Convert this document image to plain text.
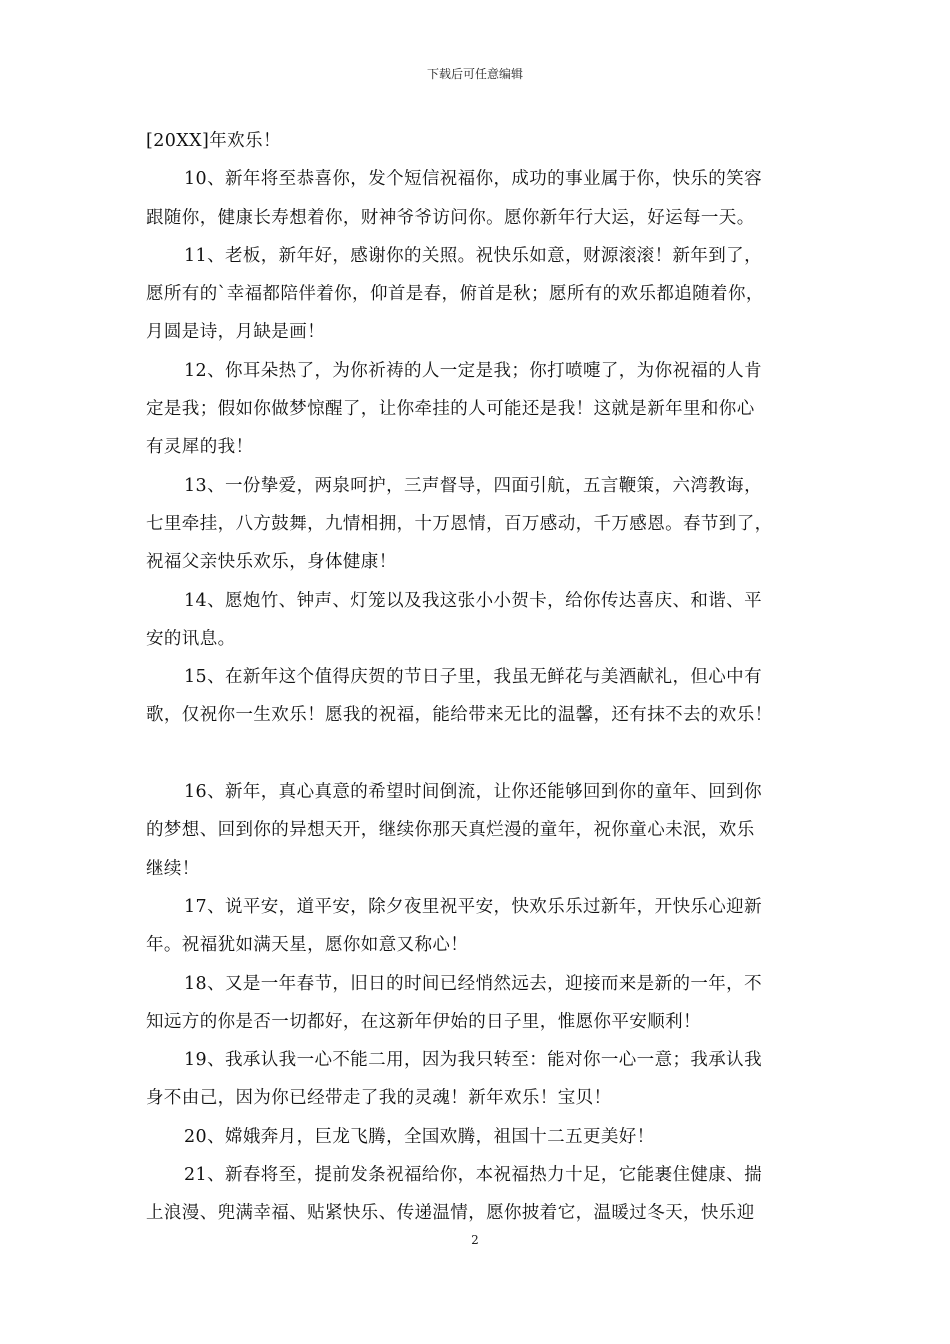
下载后可任意编辑
[20XX]年欢乐！
10、新年将至恭喜你，发个短信祝福你，成功的事业属于你，快乐的笑容
跟随你，健康长寿想着你，财神爷爷访问你。愿你新年行大运，好运每一天。
11、老板，新年好，感谢你的关照。祝快乐如意，财源滚滚！新年到了，
愿所有的`幸福都陪伴着你，仰首是春，俯首是秋；愿所有的欢乐都追随着你，
月圆是诗，月缺是画！
12、你耳朵热了，为你祈祷的人一定是我；你打喷嚏了，为你祝福的人肯
定是我；假如你做梦惊醒了，让你牵挂的人可能还是我！这就是新年里和你心
有灵犀的我！
13、一份挚爱，两泉呵护，三声督导，四面引航，五言鞭策，六湾教诲，
七里牵挂，八方鼓舞，九情相拥，十万恩情，百万感动，千万感恩。春节到了，
祝福父亲快乐欢乐，身体健康！
14、愿炮竹、钟声、灯笼以及我这张小小贺卡，给你传达喜庆、和谐、平
安的讯息。
15、在新年这个值得庆贺的节日子里，我虽无鲜花与美酒献礼，但心中有
歌，仅祝你一生欢乐！愿我的祝福，能给带来无比的温馨，还有抹不去的欢乐！
16、新年，真心真意的希望时间倒流，让你还能够回到你的童年、回到你
的梦想、回到你的异想天开，继续你那天真烂漫的童年，祝你童心未泯，欢乐
继续！
17、说平安，道平安，除夕夜里祝平安，快欢乐乐过新年，开快乐心迎新
年。祝福犹如满天星，愿你如意又称心！
18、又是一年春节，旧日的时间已经悄然远去，迎接而来是新的一年，不
知远方的你是否一切都好，在这新年伊始的日子里，惟愿你平安顺利！
19、我承认我一心不能二用，因为我只转至：能对你一心一意；我承认我
身不由己，因为你已经带走了我的灵魂！新年欢乐！宝贝！
20、嫦娥奔月，巨龙飞腾，全国欢腾，祖国十二五更美好！
21、新春将至，提前发条祝福给你，本祝福热力十足，它能裹住健康、揣
上浪漫、兜满幸福、贴紧快乐、传递温情，愿你披着它，温暖过冬天，快乐迎
2
